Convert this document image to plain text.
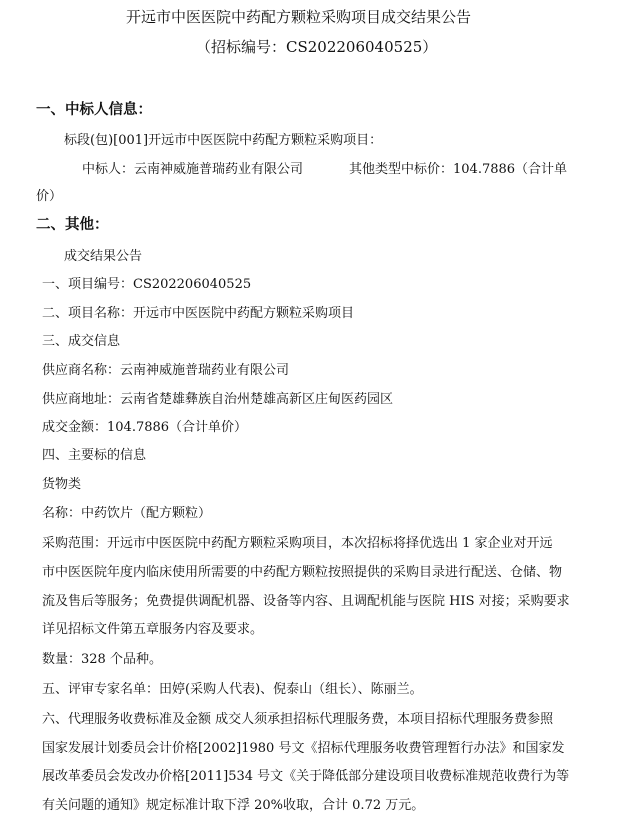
开远市中医医院中药配方颗粒采购项目成交结果公告
（招标编号：CS202206040525）
一、中标人信息：
标段(包)[001]开远市中医医院中药配方颗粒采购项目：
中标人：云南神威施普瑞药业有限公司	其他类型中标价：104.7886（合计单
价）
二、其他：
成交结果公告
一、项目编号：CS202206040525
二、项目名称：开远市中医医院中药配方颗粒采购项目
三、成交信息
供应商名称：云南神威施普瑞药业有限公司
供应商地址：云南省楚雄彝族自治州楚雄高新区庄甸医药园区
成交金额：104.7886（合计单价）
四、主要标的信息
货物类
名称：中药饮片（配方颗粒）
采购范围：开远市中医医院中药配方颗粒采购项目，本次招标将择优选出 1 家企业对开远
市中医医院年度内临床使用所需要的中药配方颗粒按照提供的采购目录进行配送、仓储、物
流及售后等服务；免费提供调配机器、设备等内容、且调配机能与医院 HIS 对接；采购要求
详见招标文件第五章服务内容及要求。
数量：328 个品种。
五、评审专家名单：田婷(采购人代表)、倪泰山（组长）、陈丽兰。
六、代理服务收费标准及金额 成交人须承担招标代理服务费，本项目招标代理服务费参照
国家发展计划委员会计价格[2002]1980 号文《招标代理服务收费管理暂行办法》和国家发
展改革委员会发改办价格[2011]534 号文《关于降低部分建设项目收费标准规范收费行为等
有关问题的通知》规定标准计取下浮 20%收取，合计 0.72 万元。
